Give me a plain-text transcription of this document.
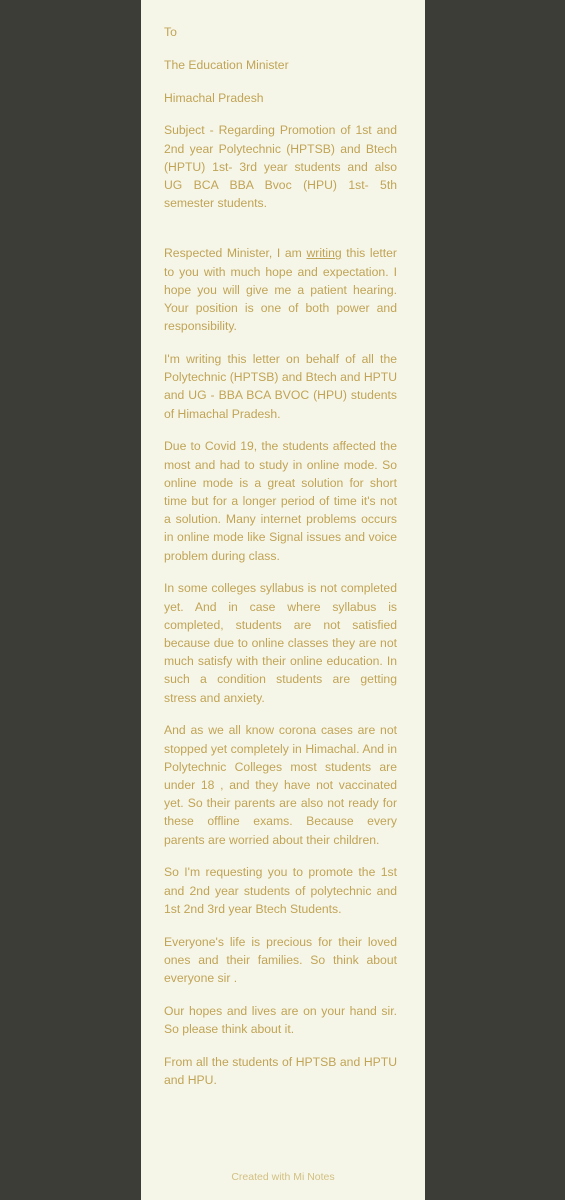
To

The Education Minister

Himachal Pradesh

Subject - Regarding Promotion of 1st and 2nd year Polytechnic (HPTSB) and Btech (HPTU) 1st- 3rd year students and also UG BCA BBA Bvoc (HPU) 1st- 5th semester students.

Respected Minister, I am writing this letter to you with much hope and expectation. I hope you will give me a patient hearing. Your position is one of both power and responsibility.

I'm writing this letter on behalf of all the Polytechnic (HPTSB) and Btech and HPTU and UG - BBA BCA BVOC (HPU) students of Himachal Pradesh.

Due to Covid 19, the students affected the most and had to study in online mode. So online mode is a great solution for short time but for a longer period of time it's not a solution. Many internet problems occurs in online mode like Signal issues and voice problem during class.

In some colleges syllabus is not completed yet. And in case where syllabus is completed, students are not satisfied because due to online classes they are not much satisfy with their online education. In such a condition students are getting stress and anxiety.

And as we all know corona cases are not stopped yet completely in Himachal. And in Polytechnic Colleges most students are under 18 , and they have not vaccinated yet. So their parents are also not ready for these offline exams. Because every parents are worried about their children.

So I'm requesting you to promote the 1st and 2nd year students of polytechnic and 1st 2nd 3rd year Btech Students.

Everyone's life is precious for their loved ones and their families. So think about everyone sir .

Our hopes and lives are on your hand sir. So please think about it.

From all the students of HPTSB and HPTU and HPU.

Created with Mi Notes
